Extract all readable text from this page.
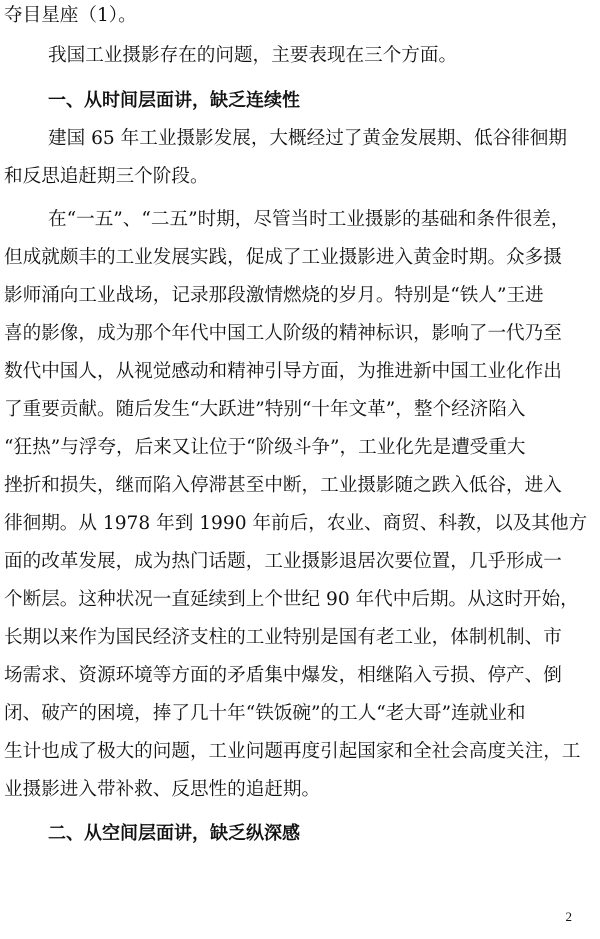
夺目星座（1）。
我国工业摄影存在的问题，主要表现在三个方面。
一、从时间层面讲，缺乏连续性
建国 65 年工业摄影发展，大概经过了黄金发展期、低谷徘徊期
和反思追赶期三个阶段。
在“一五”、“二五”时期，尽管当时工业摄影的基础和条件很差，
但成就颇丰的工业发展实践，促成了工业摄影进入黄金时期。众多摄
影师涌向工业战场，记录那段激情燃烧的岁月。特别是“铁人”王进
喜的影像，成为那个年代中国工人阶级的精神标识，影响了一代乃至
数代中国人，从视觉感动和精神引导方面，为推进新中国工业化作出
了重要贡献。随后发生“大跃进”特别“十年文革”，整个经济陷入
“狂热”与浮夸，后来又让位于“阶级斗争”，工业化先是遭受重大
挫折和损失，继而陷入停滞甚至中断，工业摄影随之跌入低谷，进入
徘徊期。从 1978 年到 1990 年前后，农业、商贸、科教，以及其他方
面的改革发展，成为热门话题，工业摄影退居次要位置，几乎形成一
个断层。这种状况一直延续到上个世纪 90 年代中后期。从这时开始，
长期以来作为国民经济支柱的工业特别是国有老工业，体制机制、市
场需求、资源环境等方面的矛盾集中爆发，相继陷入亏损、停产、倒
闭、破产的困境，捧了几十年“铁饭碗”的工人“老大哥”连就业和
生计也成了极大的问题，工业问题再度引起国家和全社会高度关注，工
业摄影进入带补救、反思性的追赶期。
二、从空间层面讲，缺乏纵深感
2
